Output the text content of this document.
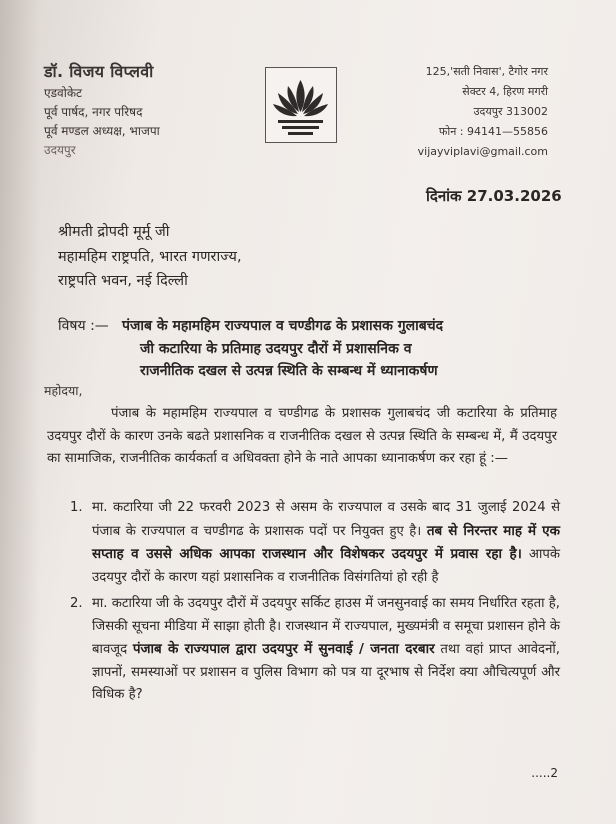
डॉ. विजय विप्लवी
एडवोकेट
पूर्व पार्षद, नगर परिषद
पूर्व मण्डल अध्यक्ष, भाजपा
उदयपुर
125,'सती निवास', टैगोर नगर
सेक्टर 4, हिरण मगरी
उदयपुर 313002
फोन : 94141—55856
vijayviplavi@gmail.com
दिनांक 27.03.2026
श्रीमती द्रोपदी मूर्मू जी
महामहिम राष्ट्रपति, भारत गणराज्य,
राष्ट्रपति भवन, नई दिल्ली
विषय :— पंजाब के महामहिम राज्यपाल व चण्डीगढ के प्रशासक गुलाबचंद
जी कटारिया के प्रतिमाह उदयपुर दौरों में प्रशासनिक व
राजनीतिक दखल से उत्पन्न स्थिति के सम्बन्ध में ध्यानाकर्षण
महोदया,

पंजाब के महामहिम राज्यपाल व चण्डीगढ के प्रशासक गुलाबचंद जी कटारिया के प्रतिमाह उदयपुर दौरों के कारण उनके बढते प्रशासनिक व राजनीतिक दखल से उत्पन्न स्थिति के सम्बन्ध में, मैं उदयपुर का सामाजिक, राजनीतिक कार्यकर्ता व अधिवक्ता होने के नाते आपका ध्यानाकर्षण कर रहा हूं :—

1. मा. कटारिया जी 22 फरवरी 2023 से असम के राज्यपाल व उसके बाद 31 जुलाई 2024 से पंजाब के राज्यपाल व चण्डीगढ के प्रशासक पदों पर नियुक्त हुए है। तब से निरन्तर माह में एक सप्ताह व उससे अधिक आपका राजस्थान और विशेषकर उदयपुर में प्रवास रहा है। आपके उदयपुर दौरों के कारण यहां प्रशासनिक व राजनीतिक विसंगतियां हो रही है
2. मा. कटारिया जी के उदयपुर दौरों में उदयपुर सर्किट हाउस में जनसुनवाई का समय निर्धारित रहता है, जिसकी सूचना मीडिया में साझा होती है। राजस्थान में राज्यपाल, मुख्यमंत्री व समूचा प्रशासन होने के बावजूद पंजाब के राज्यपाल द्वारा उदयपुर में सुनवाई / जनता दरबार तथा वहां प्राप्त आवेदनों, ज्ञापनों, समस्याओं पर प्रशासन व पुलिस विभाग को पत्र या दूरभाष से निर्देश क्या औचित्यपूर्ण और विधिक है?
.....2
